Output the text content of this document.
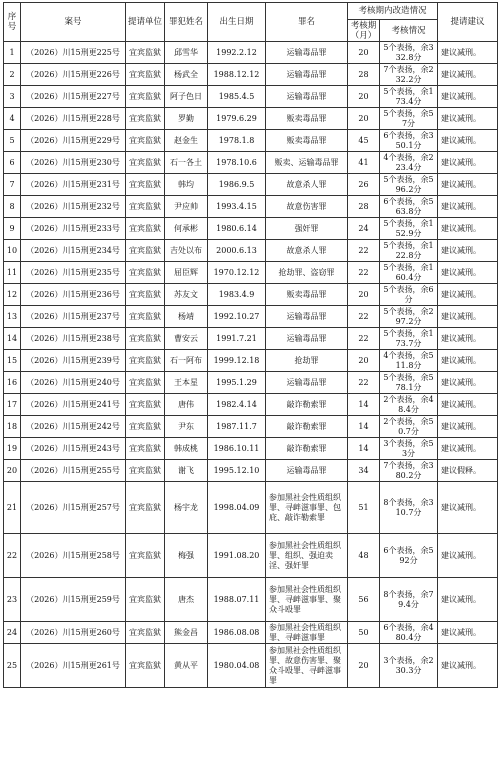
序号	案号	提请单位	罪犯姓名	出生日期	罪名	考核期内改造情况		提请建议
						考核期（月）	考核情况	
1	（2026）川15刑更225号	宜宾监狱	邱雪华	1992.2.12	运输毒品罪	20	5个表扬，余332.8分	建议减刑。
2	（2026）川15刑更226号	宜宾监狱	杨武全	1988.12.12	运输毒品罪	28	7个表扬，余232.2分	建议减刑。
3	（2026）川15刑更227号	宜宾监狱	阿子色日	1985.4.5	运输毒品罪	20	5个表扬，余173.4分	建议减刑。
4	（2026）川15刑更228号	宜宾监狱	罗勤	1979.6.29	贩卖毒品罪	20	5个表扬，余57分	建议减刑。
5	（2026）川15刑更229号	宜宾监狱	赵金生	1978.1.8	贩卖毒品罪	45	6个表扬，余350.1分	建议减刑。
6	（2026）川15刑更230号	宜宾监狱	石一各土	1978.10.6	贩卖、运输毒品罪	41	4个表扬，余223.4分	建议减刑。
7	（2026）川15刑更231号	宜宾监狱	韩均	1986.9.5	故意杀人罪	26	5个表扬，余596.2分	建议减刑。
8	（2026）川15刑更232号	宜宾监狱	尹应帅	1993.4.15	故意伤害罪	28	6个表扬，余563.8分	建议减刑。
9	（2026）川15刑更233号	宜宾监狱	何承彬	1980.6.14	强奸罪	24	5个表扬，余152.9分	建议减刑。
10	（2026）川15刑更234号	宜宾监狱	吉处以布	2000.6.13	故意杀人罪	22	5个表扬，余122.8分	建议减刑。
11	（2026）川15刑更235号	宜宾监狱	屈臣辉	1970.12.12	抢劫罪、盗窃罪	22	5个表扬，余160.4分	建议减刑。
12	（2026）川15刑更236号	宜宾监狱	苏友文	1983.4.9	贩卖毒品罪	20	5个表扬，余6分	建议减刑。
13	（2026）川15刑更237号	宜宾监狱	杨靖	1992.10.27	运输毒品罪	22	5个表扬，余297.2分	建议减刑。
14	（2026）川15刑更238号	宜宾监狱	曹安云	1991.7.21	运输毒品罪	22	5个表扬，余173.7分	建议减刑。
15	（2026）川15刑更239号	宜宾监狱	石一阿布	1999.12.18	抢劫罪	20	4个表扬，余511.8分	建议减刑。
16	（2026）川15刑更240号	宜宾监狱	王本星	1995.1.29	运输毒品罪	22	5个表扬，余578.1分	建议减刑。
17	（2026）川15刑更241号	宜宾监狱	唐伟	1982.4.14	敲诈勒索罪	14	2个表扬，余48.4分	建议减刑。
18	（2026）川15刑更242号	宜宾监狱	尹东	1987.11.7	敲诈勒索罪	14	2个表扬，余50.7分	建议减刑。
19	（2026）川15刑更243号	宜宾监狱	韩成桃	1986.10.11	敲诈勒索罪	14	3个表扬，余53分	建议减刑。
20	（2026）川15刑更255号	宜宾监狱	谢飞	1995.12.10	运输毒品罪	34	7个表扬，余380.2分	建议假释。
21	（2026）川15刑更257号	宜宾监狱	杨宇龙	1998.04.09	参加黑社会性质组织罪、寻衅滋事罪、包庇、敲诈勒索罪	51	8个表扬，余310.7分	建议减刑。
22	（2026）川15刑更258号	宜宾监狱	梅强	1991.08.20	参加黑社会性质组织罪、组织、强迫卖淫、强奸罪	48	6个表扬，余592分	建议减刑。
23	（2026）川15刑更259号	宜宾监狱	唐杰	1988.07.11	参加黑社会性质组织罪、寻衅滋事罪、聚众斗殴罪	56	8个表扬，余79.4分	建议减刑。
24	（2026）川15刑更260号	宜宾监狱	熊金昌	1986.08.08	参加黑社会性质组织罪、寻衅滋事罪	50	6个表扬，余480.4分	建议减刑。
25	（2026）川15刑更261号	宜宾监狱	黄从平	1980.04.08	参加黑社会性质组织罪、故意伤害罪、聚众斗殴罪、寻衅滋事罪	20	3个表扬，余230.3分	建议减刑。
